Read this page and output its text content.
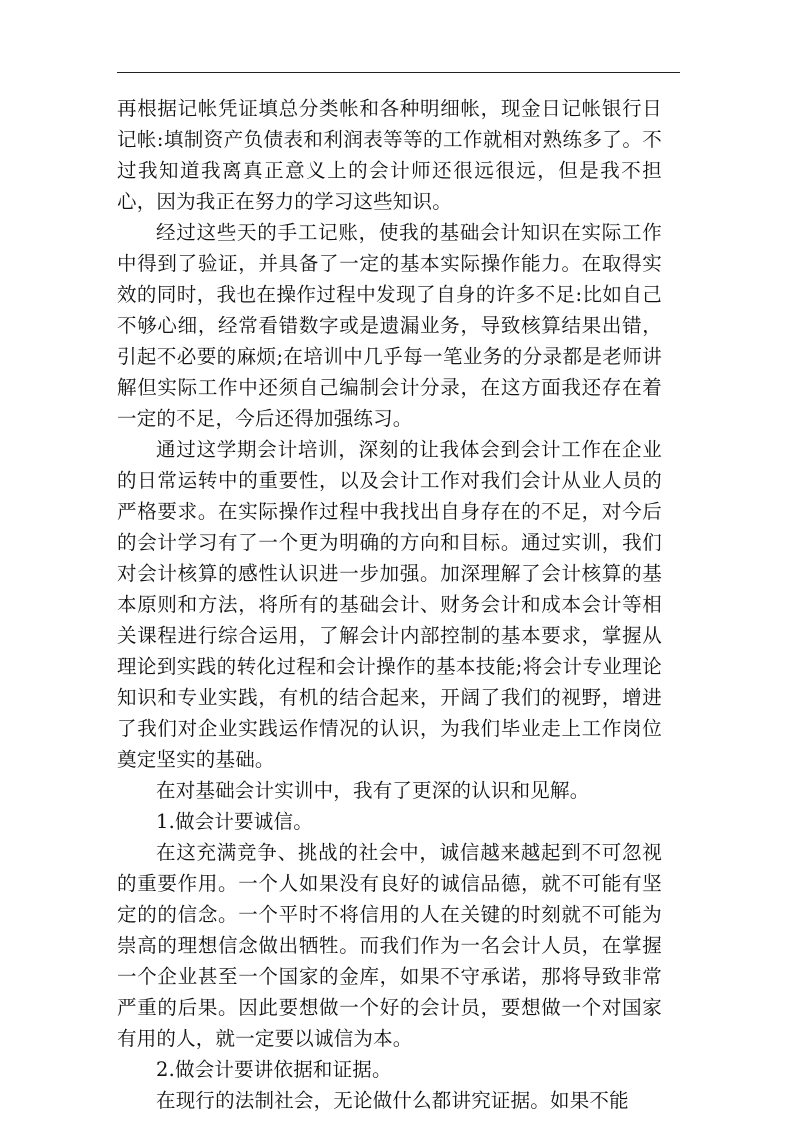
再根据记帐凭证填总分类帐和各种明细帐，现金日记帐银行日记帐:填制资产负债表和利润表等等的工作就相对熟练多了。不过我知道我离真正意义上的会计师还很远很远，但是我不担心，因为我正在努力的学习这些知识。

经过这些天的手工记账，使我的基础会计知识在实际工作中得到了验证，并具备了一定的基本实际操作能力。在取得实效的同时，我也在操作过程中发现了自身的许多不足:比如自己不够心细，经常看错数字或是遗漏业务，导致核算结果出错，引起不必要的麻烦;在培训中几乎每一笔业务的分录都是老师讲解但实际工作中还须自己编制会计分录，在这方面我还存在着一定的不足，今后还得加强练习。

通过这学期会计培训，深刻的让我体会到会计工作在企业的日常运转中的重要性，以及会计工作对我们会计从业人员的严格要求。在实际操作过程中我找出自身存在的不足，对今后的会计学习有了一个更为明确的方向和目标。通过实训，我们对会计核算的感性认识进一步加强。加深理解了会计核算的基本原则和方法，将所有的基础会计、财务会计和成本会计等相关课程进行综合运用，了解会计内部控制的基本要求，掌握从理论到实践的转化过程和会计操作的基本技能;将会计专业理论知识和专业实践，有机的结合起来，开阔了我们的视野，增进了我们对企业实践运作情况的认识，为我们毕业走上工作岗位奠定坚实的基础。

在对基础会计实训中，我有了更深的认识和见解。

1.做会计要诚信。

在这充满竞争、挑战的社会中，诚信越来越起到不可忽视的重要作用。一个人如果没有良好的诚信品德，就不可能有坚定的的信念。一个平时不将信用的人在关键的时刻就不可能为崇高的理想信念做出牺牲。而我们作为一名会计人员，在掌握一个企业甚至一个国家的金库，如果不守承诺，那将导致非常严重的后果。因此要想做一个好的会计员，要想做一个对国家有用的人，就一定要以诚信为本。

2.做会计要讲依据和证据。

在现行的法制社会，无论做什么都讲究证据。如果不能
